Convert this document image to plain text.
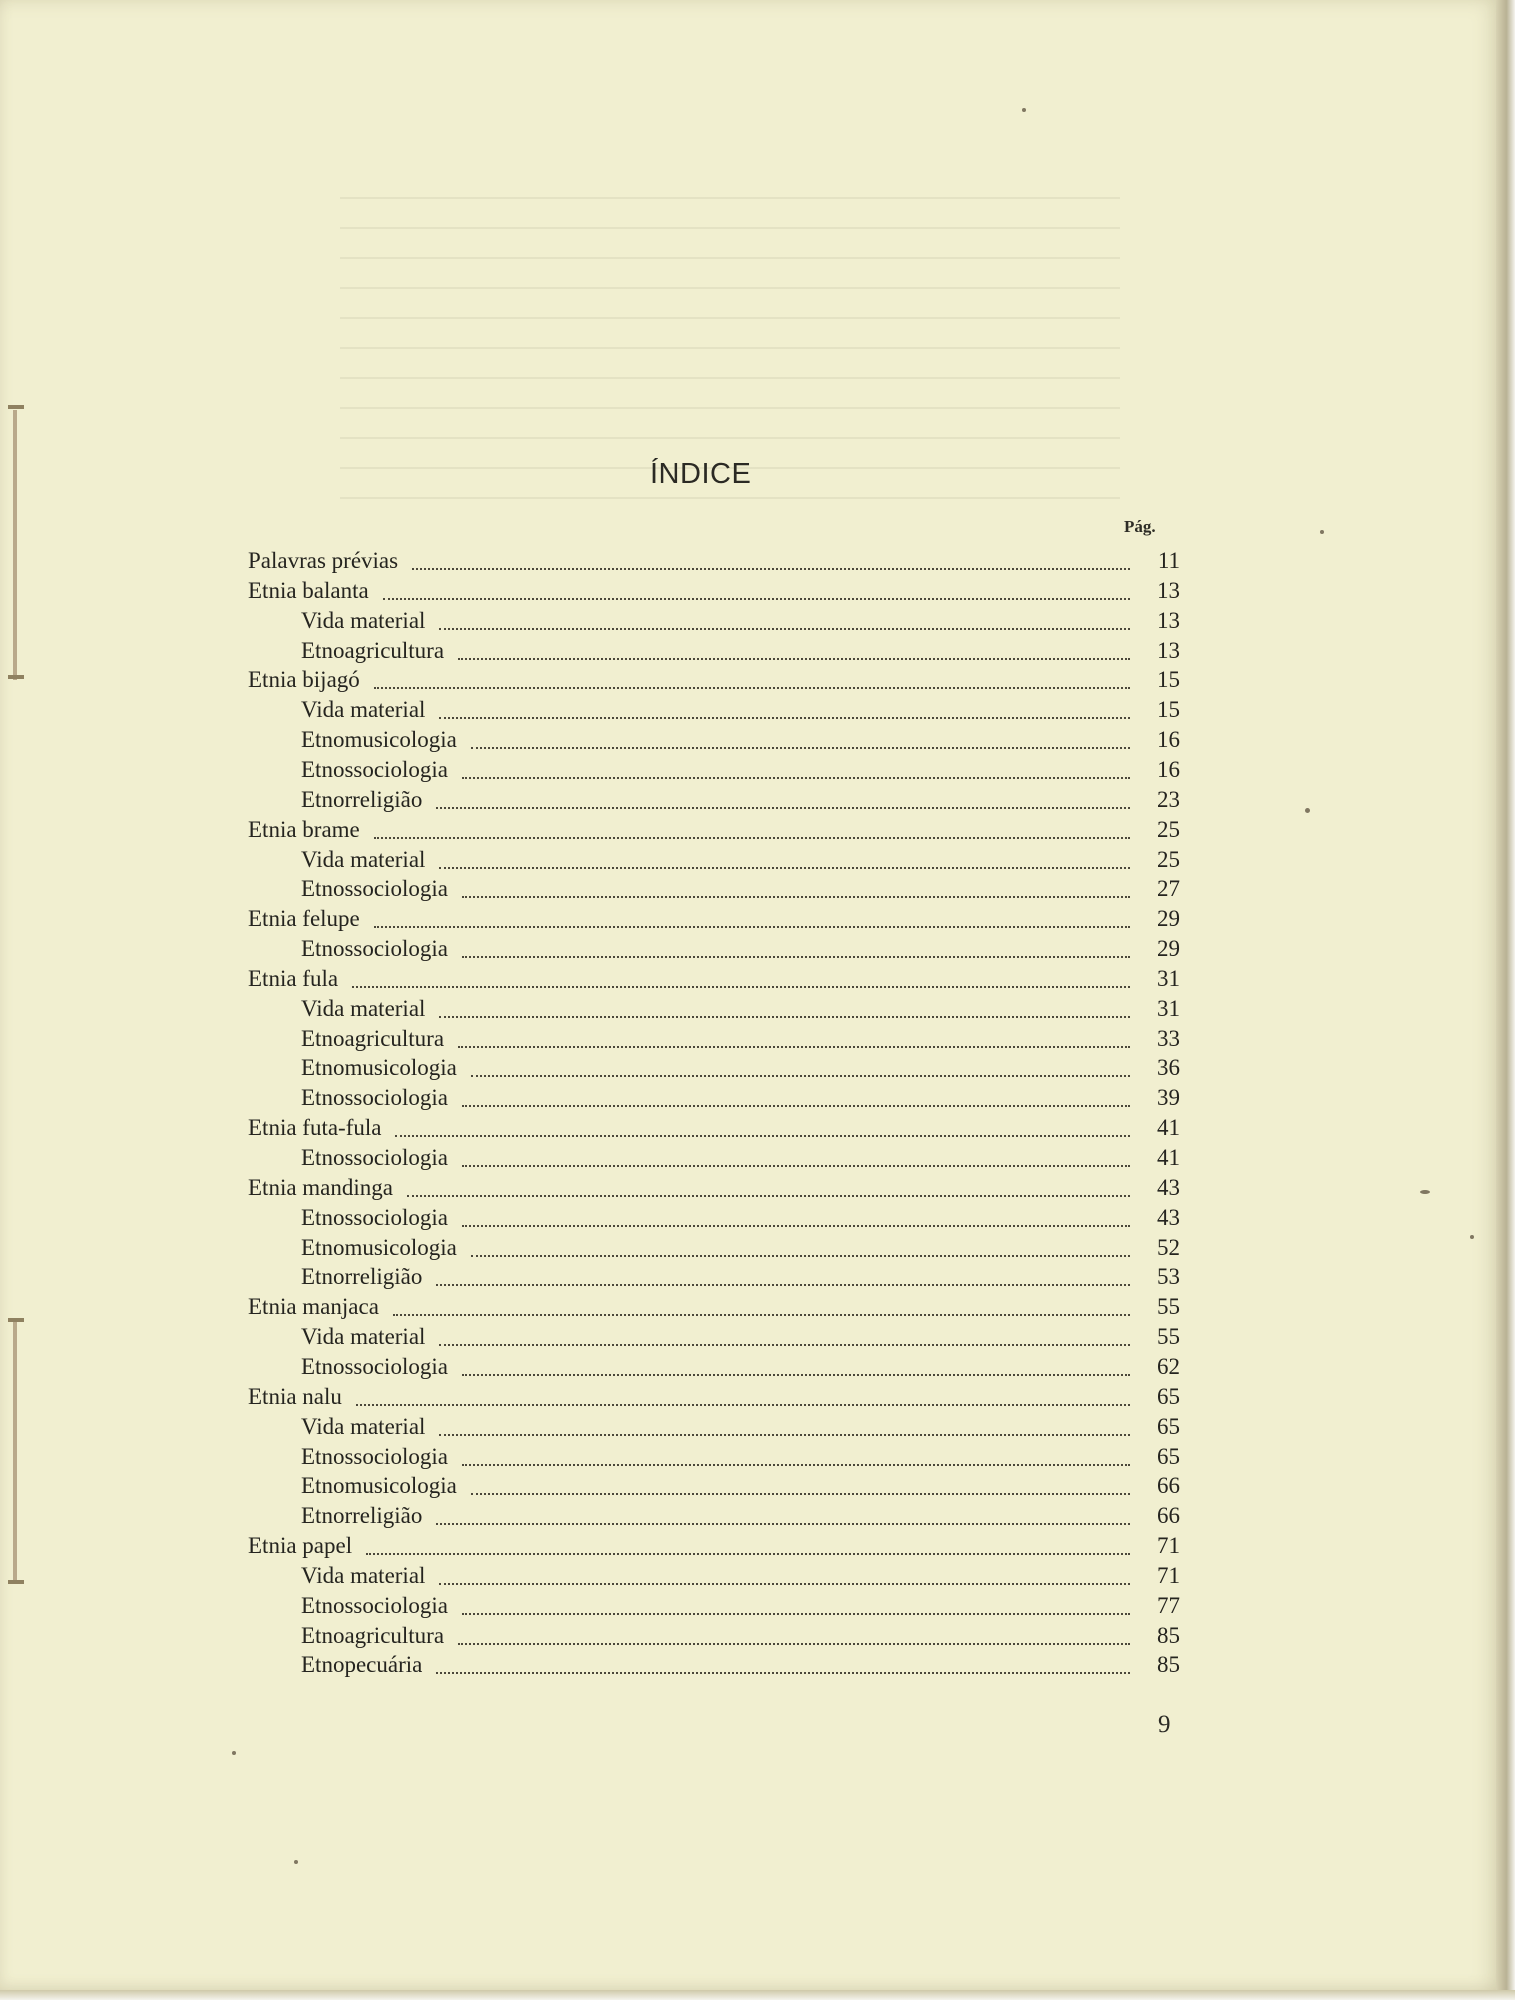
ÍNDICE
Pág.
Palavras prévias	11
Etnia balanta	13
Vida material	13
Etnoagricultura	13
Etnia bijagó	15
Vida material	15
Etnomusicologia	16
Etnossociologia	16
Etnorreligião	23
Etnia brame	25
Vida material	25
Etnossociologia	27
Etnia felupe	29
Etnossociologia	29
Etnia fula	31
Vida material	31
Etnoagricultura	33
Etnomusicologia	36
Etnossociologia	39
Etnia futa-fula	41
Etnossociologia	41
Etnia mandinga	43
Etnossociologia	43
Etnomusicologia	52
Etnorreligião	53
Etnia manjaca	55
Vida material	55
Etnossociologia	62
Etnia nalu	65
Vida material	65
Etnossociologia	65
Etnomusicologia	66
Etnorreligião	66
Etnia papel	71
Vida material	71
Etnossociologia	77
Etnoagricultura	85
Etnopecuária	85
9
